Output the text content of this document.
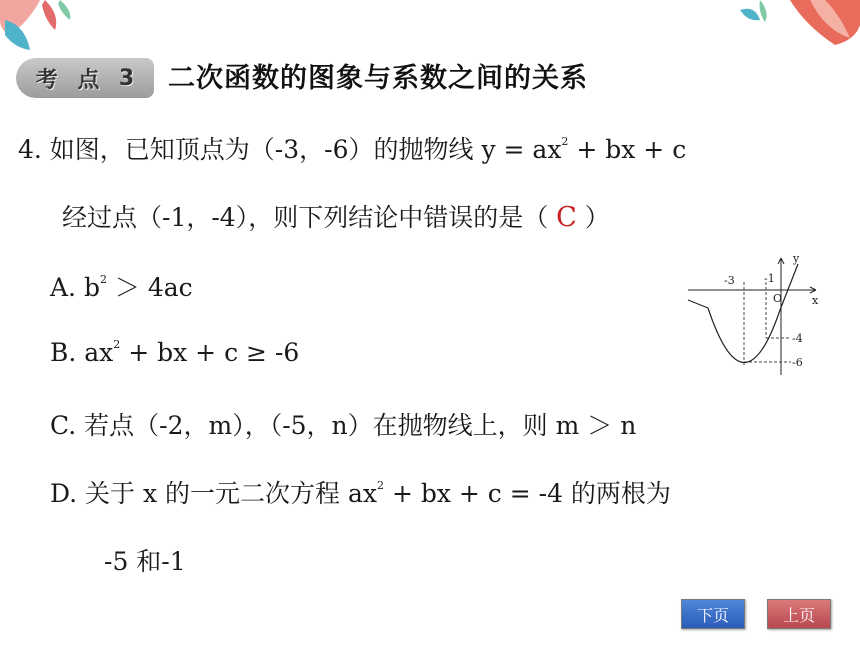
考 点 3 二次函数的图象与系数之间的关系
4. 如图，已知顶点为（-3，-6）的抛物线 $y = ax^2$ + bx + c
经过点（-1，-4），则下列结论中错误的是（ C ）
A. $b^2 > 4ac$
B. $ax^2$ + bx + c ≥ -6
C. 若点（-2，m），（-5，n）在抛物线上，则 m ＞ n
D. 关于 x 的一元二次方程 $ax^2$ + bx + c = -4 的两根为
-5 和-1
-3	-1
O	x
y
-4
-6
下页	上页
